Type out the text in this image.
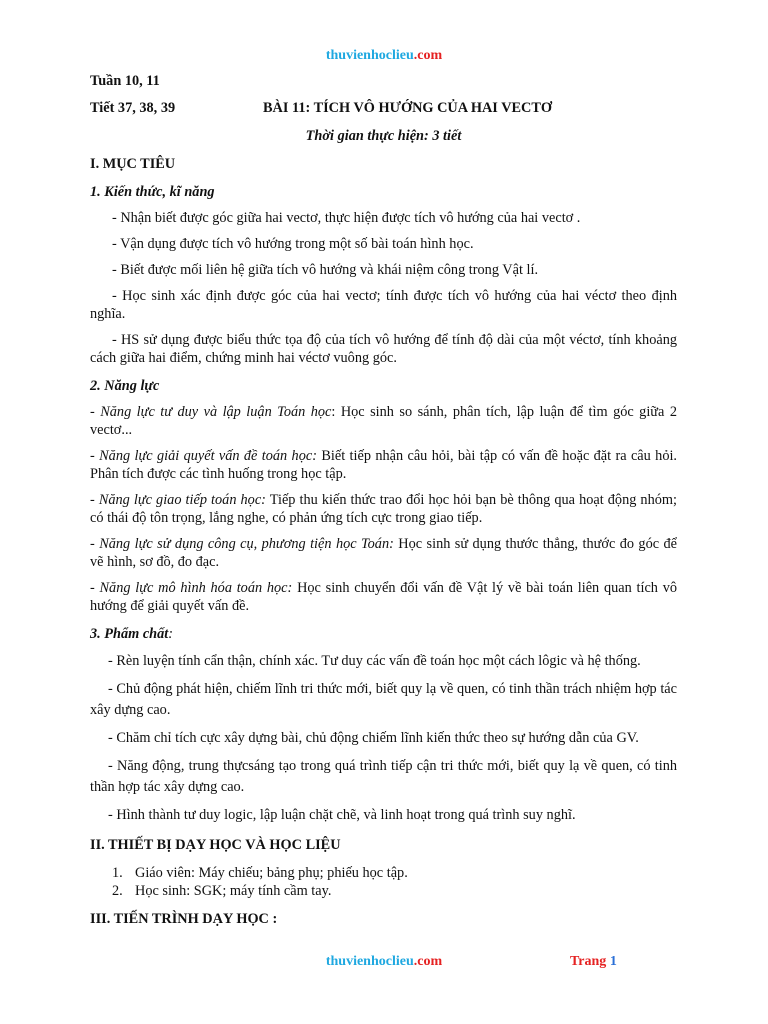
thuvienhoclieu.com
Tuần 10, 11
Tiết 37, 38, 39	BÀI 11: TÍCH VÔ HƯỚNG CỦA HAI VECTƠ
Thời gian thực hiện: 3 tiết
I. MỤC TIÊU
1. Kiến thức, kĩ năng
- Nhận biết được góc giữa hai vectơ, thực hiện được tích vô hướng của hai vectơ .
- Vận dụng được tích vô hướng trong một số bài toán hình học.
- Biết được mối liên hệ giữa tích vô hướng và khái niệm công trong Vật lí.
- Học sinh xác định được góc của hai vectơ; tính được tích vô hướng của hai véctơ theo định nghĩa.
- HS sử dụng được biểu thức tọa độ của tích vô hướng để tính độ dài của một véctơ, tính khoảng cách giữa hai điểm, chứng minh hai véctơ vuông góc.
2. Năng lực
- Năng lực tư duy và lập luận Toán học: Học sinh so sánh, phân tích, lập luận để tìm góc giữa 2 vectơ...
- Năng lực giải quyết vấn đề toán học: Biết tiếp nhận câu hỏi, bài tập có vấn đề hoặc đặt ra câu hỏi. Phân tích được các tình huống trong học tập.
- Năng lực giao tiếp toán học: Tiếp thu kiến thức trao đổi học hỏi bạn bè thông qua hoạt động nhóm; có thái độ tôn trọng, lắng nghe, có phản ứng tích cực trong giao tiếp.
- Năng lực sử dụng công cụ, phương tiện học Toán: Học sinh sử dụng thước thẳng, thước đo góc để vẽ hình, sơ đồ, đo đạc.
- Năng lực mô hình hóa toán học: Học sinh chuyển đổi vấn đề Vật lý về bài toán liên quan tích vô hướng để giải quyết vấn đề.
3. Phẩm chất:
- Rèn luyện tính cẩn thận, chính xác. Tư duy các vấn đề toán học một cách lôgic và hệ thống.
- Chủ động phát hiện, chiếm lĩnh tri thức mới, biết quy lạ về quen, có tinh thần trách nhiệm hợp tác xây dựng cao.
- Chăm chỉ tích cực xây dựng bài, chủ động chiếm lĩnh kiến thức theo sự hướng dẫn của GV.
- Năng động, trung thựcsáng tạo trong quá trình tiếp cận tri thức mới, biết quy lạ về quen, có tinh thần hợp tác xây dựng cao.
- Hình thành tư duy logic, lập luận chặt chẽ, và linh hoạt trong quá trình suy nghĩ.
II. THIẾT BỊ DẠY HỌC VÀ HỌC LIỆU
1. Giáo viên: Máy chiếu; bảng phụ; phiếu học tập.
2. Học sinh: SGK; máy tính cầm tay.
III. TIẾN TRÌNH DẠY HỌC :
thuvienhoclieu.com	Trang 1
